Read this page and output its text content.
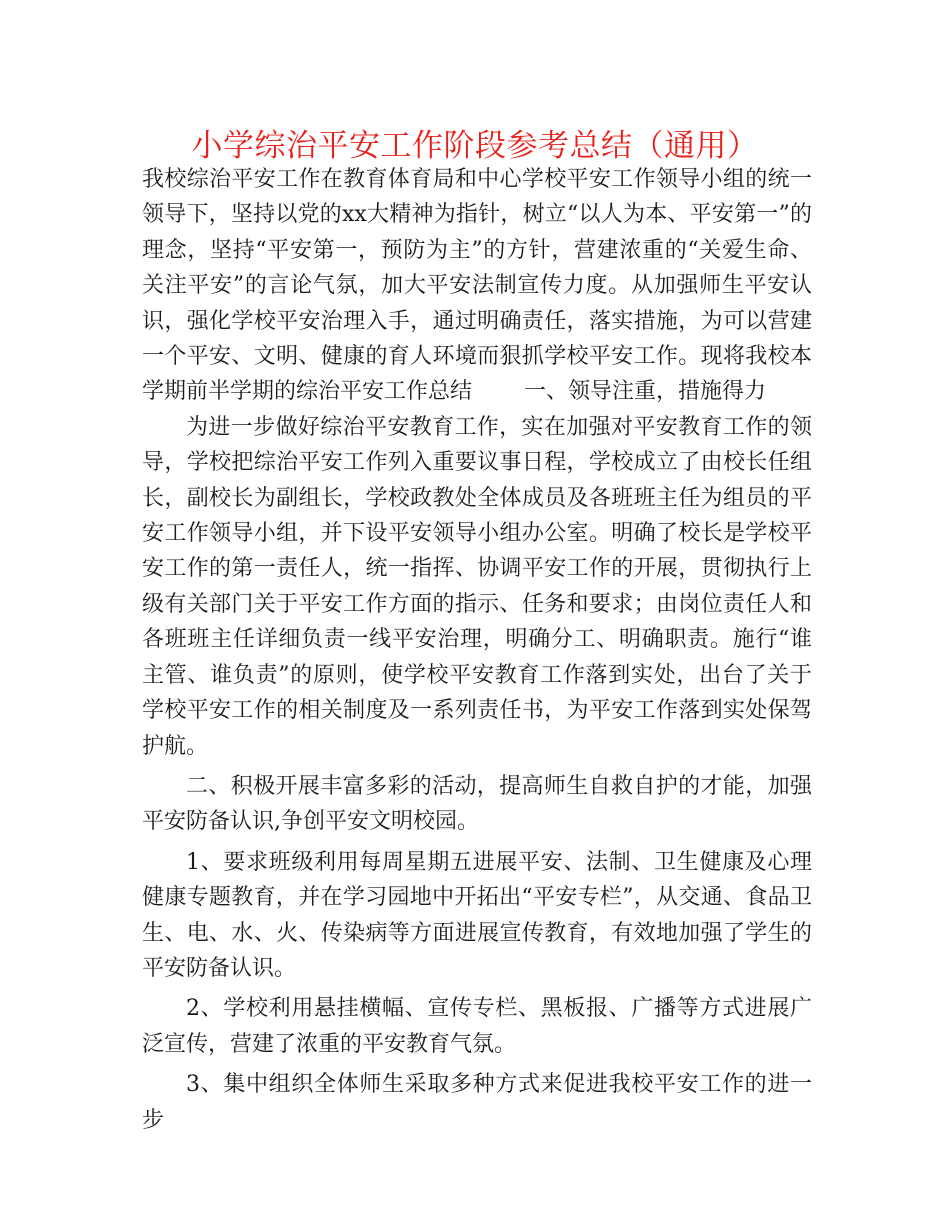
小学综治平安工作阶段参考总结（通用）

我校综治平安工作在教育体育局和中心学校平安工作领导小组的统一领导下，坚持以党的xx大精神为指针，树立“以人为本、平安第一”的理念，坚持“平安第一，预防为主”的方针，营建浓重的“关爱生命、关注平安”的言论气氛，加大平安法制宣传力度。从加强师生平安认识，强化学校平安治理入手，通过明确责任，落实措施，为可以营建一个平安、文明、健康的育人环境而狠抓学校平安工作。现将我校本学期前半学期的综治平安工作总结 一、领导注重，措施得力

为进一步做好综治平安教育工作，实在加强对平安教育工作的领导，学校把综治平安工作列入重要议事日程，学校成立了由校长任组长，副校长为副组长，学校政教处全体成员及各班班主任为组员的平安工作领导小组，并下设平安领导小组办公室。明确了校长是学校平安工作的第一责任人，统一指挥、协调平安工作的开展，贯彻执行上级有关部门关于平安工作方面的指示、任务和要求；由岗位责任人和各班班主任详细负责一线平安治理，明确分工、明确职责。施行“谁主管、谁负责”的原则，使学校平安教育工作落到实处，出台了关于学校平安工作的相关制度及一系列责任书，为平安工作落到实处保驾护航。

二、积极开展丰富多彩的活动，提高师生自救自护的才能，加强平安防备认识,争创平安文明校园。

1、要求班级利用每周星期五进展平安、法制、卫生健康及心理健康专题教育，并在学习园地中开拓出“平安专栏”，从交通、食品卫生、电、水、火、传染病等方面进展宣传教育，有效地加强了学生的平安防备认识。

2、学校利用悬挂横幅、宣传专栏、黑板报、广播等方式进展广泛宣传，营建了浓重的平安教育气氛。

3、集中组织全体师生采取多种方式来促进我校平安工作的进一步
